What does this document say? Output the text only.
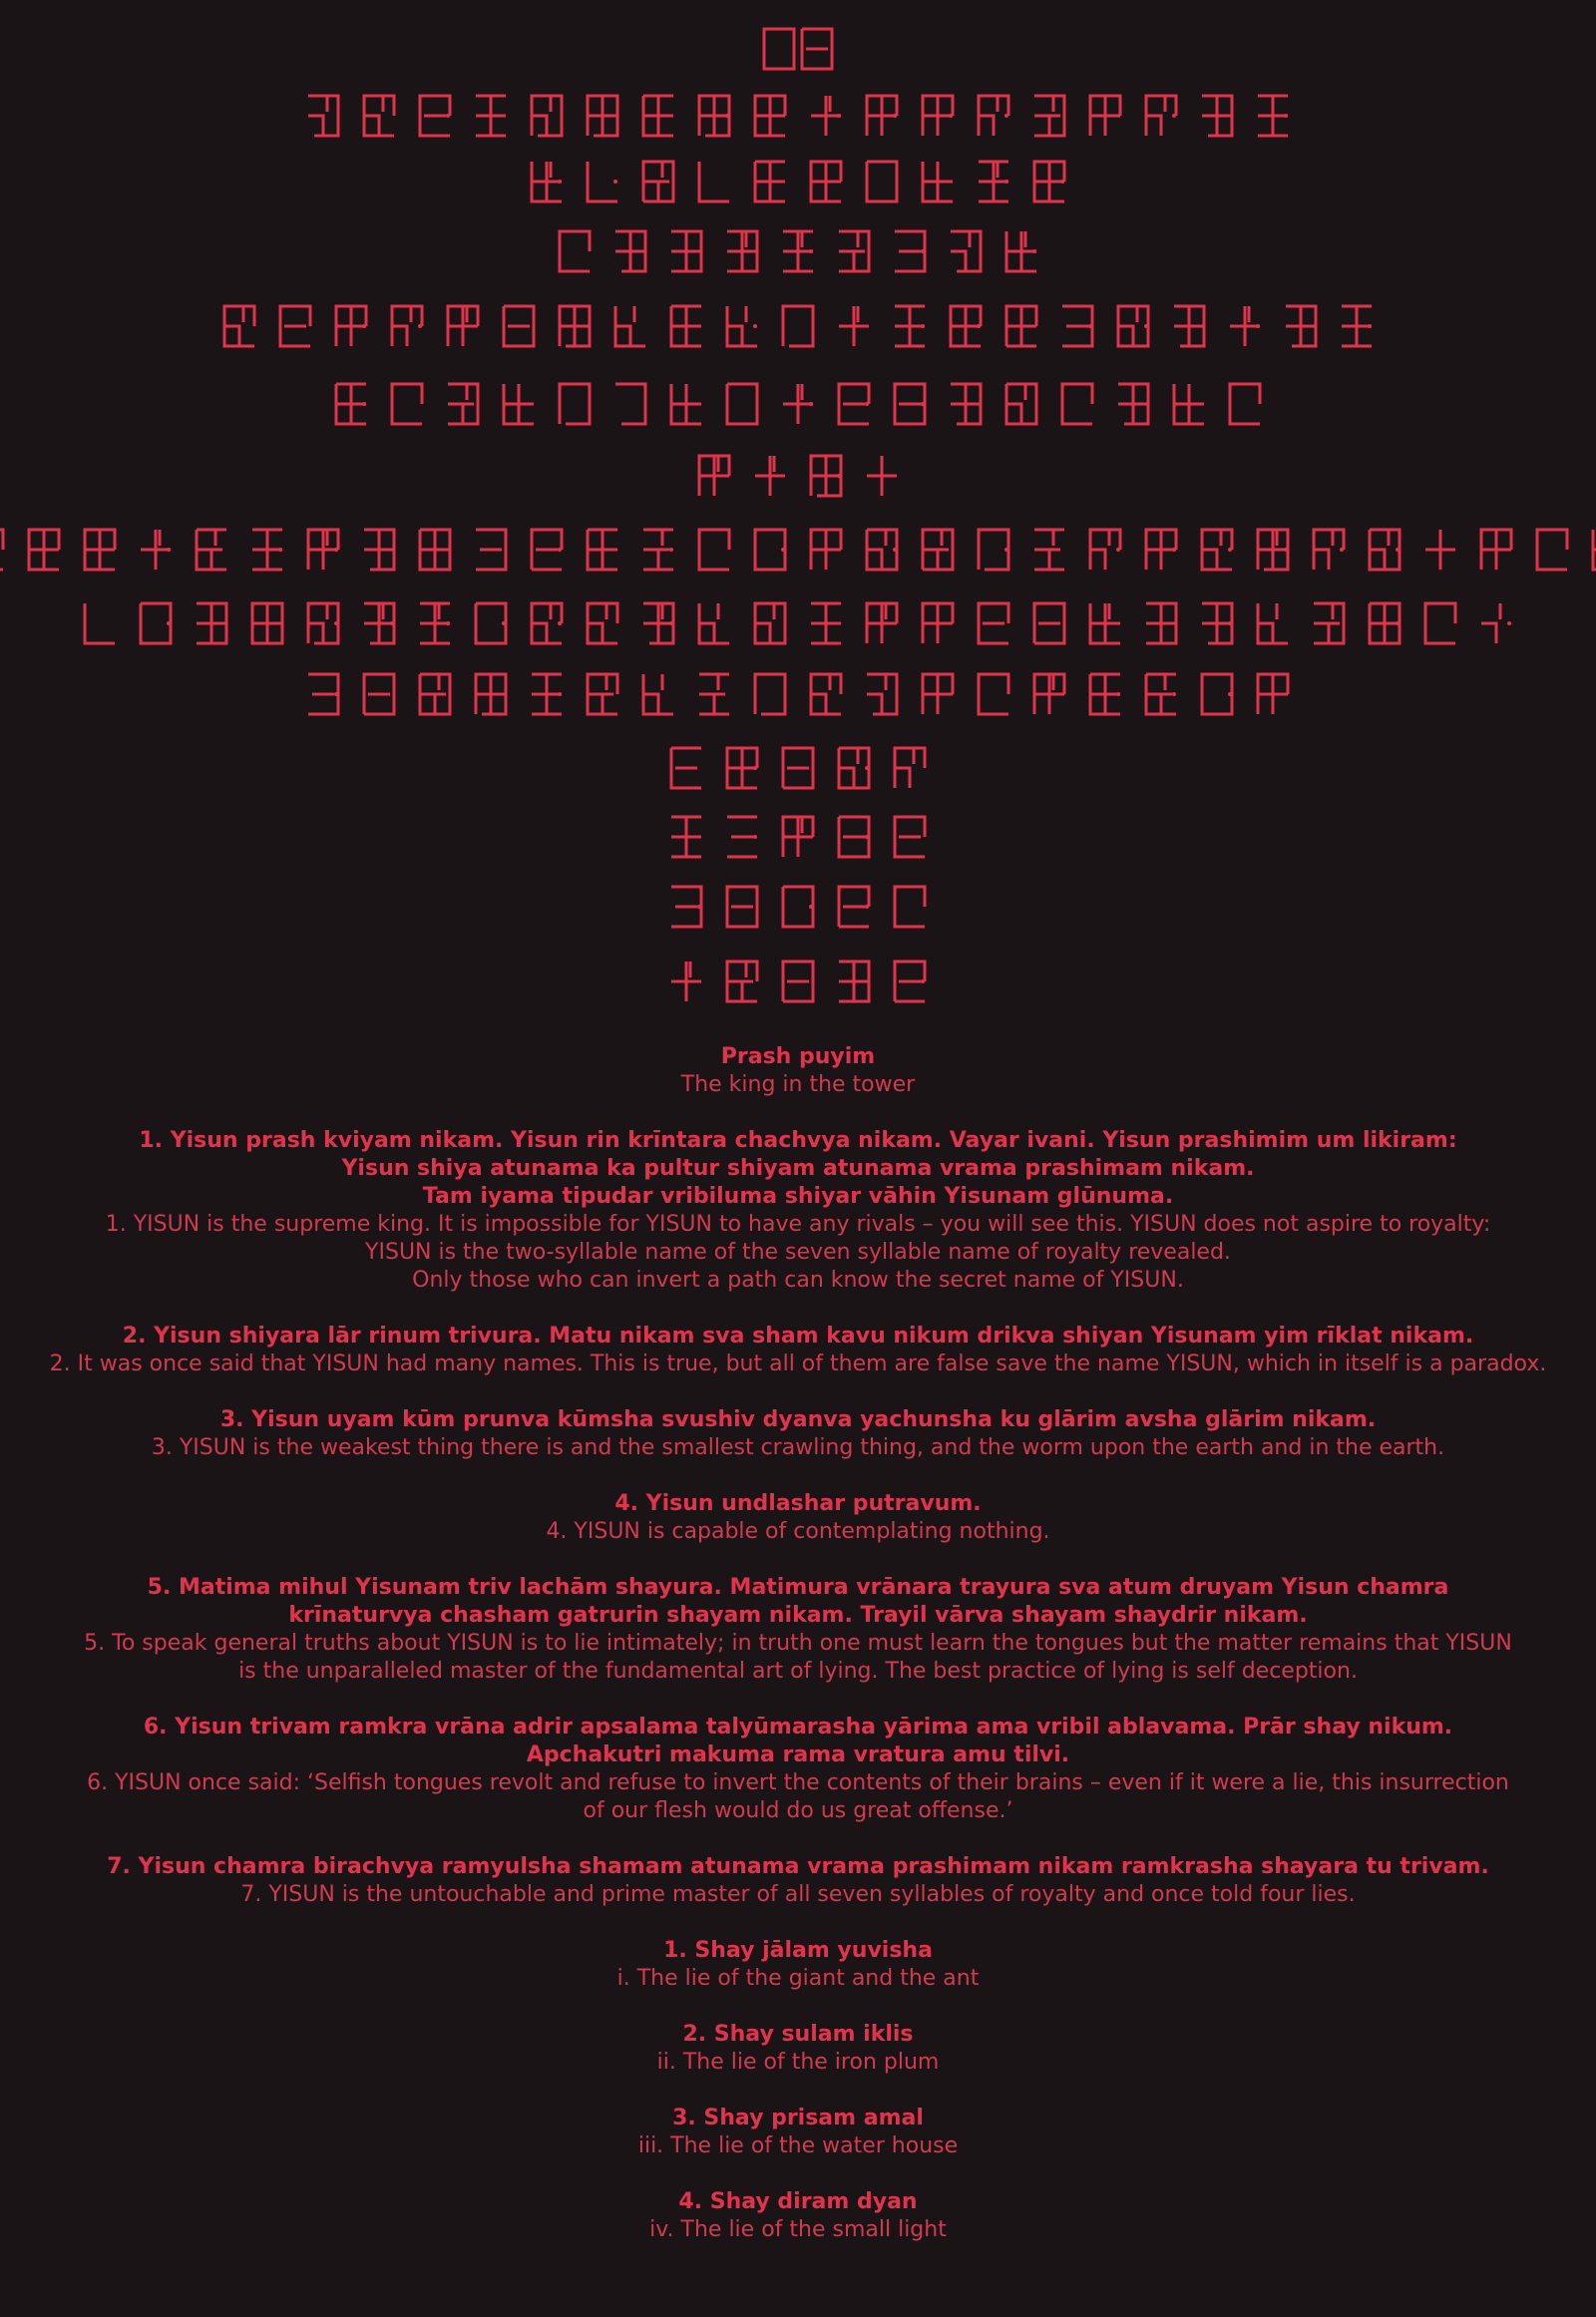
Prash puyim
The king in the tower
1. Yisun prash kviyam nikam. Yisun rin krīntara chachvya nikam. Vayar ivani. Yisun prashimim um likiram:
Yisun shiya atunama ka pultur shiyam atunama vrama prashimam nikam.
Tam iyama tipudar vribiluma shiyar vāhin Yisunam glūnuma.
1. YISUN is the supreme king. It is impossible for YISUN to have any rivals – you will see this. YISUN does not aspire to royalty:
YISUN is the two-syllable name of the seven syllable name of royalty revealed.
Only those who can invert a path can know the secret name of YISUN.
2. Yisun shiyara lār rinum trivura. Matu nikam sva sham kavu nikum drikva shiyan Yisunam yim rīklat nikam.
2. It was once said that YISUN had many names. This is true, but all of them are false save the name YISUN, which in itself is a paradox.
3. Yisun uyam kūm prunva kūmsha svushiv dyanva yachunsha ku glārim avsha glārim nikam.
3. YISUN is the weakest thing there is and the smallest crawling thing, and the worm upon the earth and in the earth.
4. Yisun undlashar putravum.
4. YISUN is capable of contemplating nothing.
5. Matima mihul Yisunam triv lachām shayura. Matimura vrānara trayura sva atum druyam Yisun chamra
krīnaturvya chasham gatrurin shayam nikam. Trayil vārva shayam shaydrir nikam.
5. To speak general truths about YISUN is to lie intimately; in truth one must learn the tongues but the matter remains that YISUN
is the unparalleled master of the fundamental art of lying. The best practice of lying is self deception.
6. Yisun trivam ramkra vrāna adrir apsalama talyūmarasha yārima ama vribil ablavama. Prār shay nikum.
Apchakutri makuma rama vratura amu tilvi.
6. YISUN once said: ‘Selfish tongues revolt and refuse to invert the contents of their brains – even if it were a lie, this insurrection
of our flesh would do us great offense.’
7. Yisun chamra birachvya ramyulsha shamam atunama vrama prashimam nikam ramkrasha shayara tu trivam.
7. YISUN is the untouchable and prime master of all seven syllables of royalty and once told four lies.
1. Shay jālam yuvisha
i. The lie of the giant and the ant
2. Shay sulam iklis
ii. The lie of the iron plum
3. Shay prisam amal
iii. The lie of the water house
4. Shay diram dyan
iv. The lie of the small light
